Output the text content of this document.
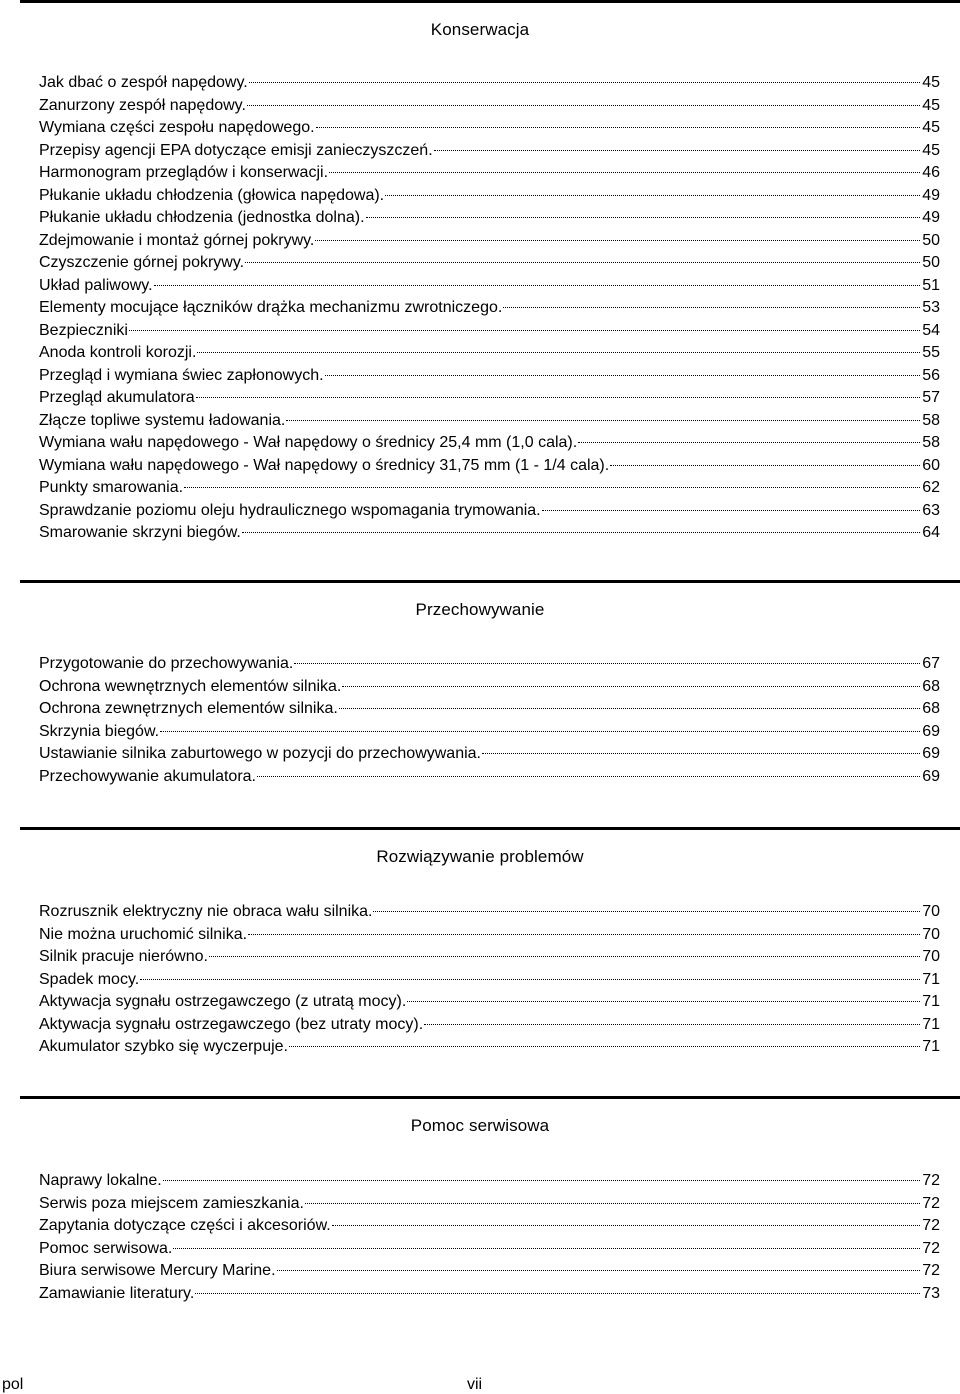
Konserwacja
Jak dbać o zespół napędowy.	45
Zanurzony zespół napędowy.	45
Wymiana części zespołu napędowego.	45
Przepisy agencji EPA dotyczące emisji zanieczyszczeń.	45
Harmonogram przeglądów i konserwacji.	46
Płukanie układu chłodzenia (głowica napędowa).	49
Płukanie układu chłodzenia (jednostka dolna).	49
Zdejmowanie i montaż górnej pokrywy.	50
Czyszczenie górnej pokrywy.	50
Układ paliwowy.	51
Elementy mocujące łączników drążka mechanizmu zwrotniczego.	53
Bezpieczniki	54
Anoda kontroli korozji.	55
Przegląd i wymiana świec zapłonowych.	56
Przegląd akumulatora	57
Złącze topliwe systemu ładowania.	58
Wymiana wału napędowego - Wał napędowy o średnicy 25,4 mm (1,0 cala).	58
Wymiana wału napędowego - Wał napędowy o średnicy 31,75 mm (1 - 1/4 cala).	60
Punkty smarowania.	62
Sprawdzanie poziomu oleju hydraulicznego wspomagania trymowania.	63
Smarowanie skrzyni biegów.	64
Przechowywanie
Przygotowanie do przechowywania.	67
Ochrona wewnętrznych elementów silnika.	68
Ochrona zewnętrznych elementów silnika.	68
Skrzynia biegów.	69
Ustawianie silnika zaburtowego w pozycji do przechowywania.	69
Przechowywanie akumulatora.	69
Rozwiązywanie problemów
Rozrusznik elektryczny nie obraca wału silnika.	70
Nie można uruchomić silnika.	70
Silnik pracuje nierówno.	70
Spadek mocy.	71
Aktywacja sygnału ostrzegawczego (z utratą mocy).	71
Aktywacja sygnału ostrzegawczego (bez utraty mocy).	71
Akumulator szybko się wyczerpuje.	71
Pomoc serwisowa
Naprawy lokalne.	72
Serwis poza miejscem zamieszkania.	72
Zapytania dotyczące części i akcesoriów.	72
Pomoc serwisowa.	72
Biura serwisowe Mercury Marine.	72
Zamawianie literatury.	73
pol	vii
